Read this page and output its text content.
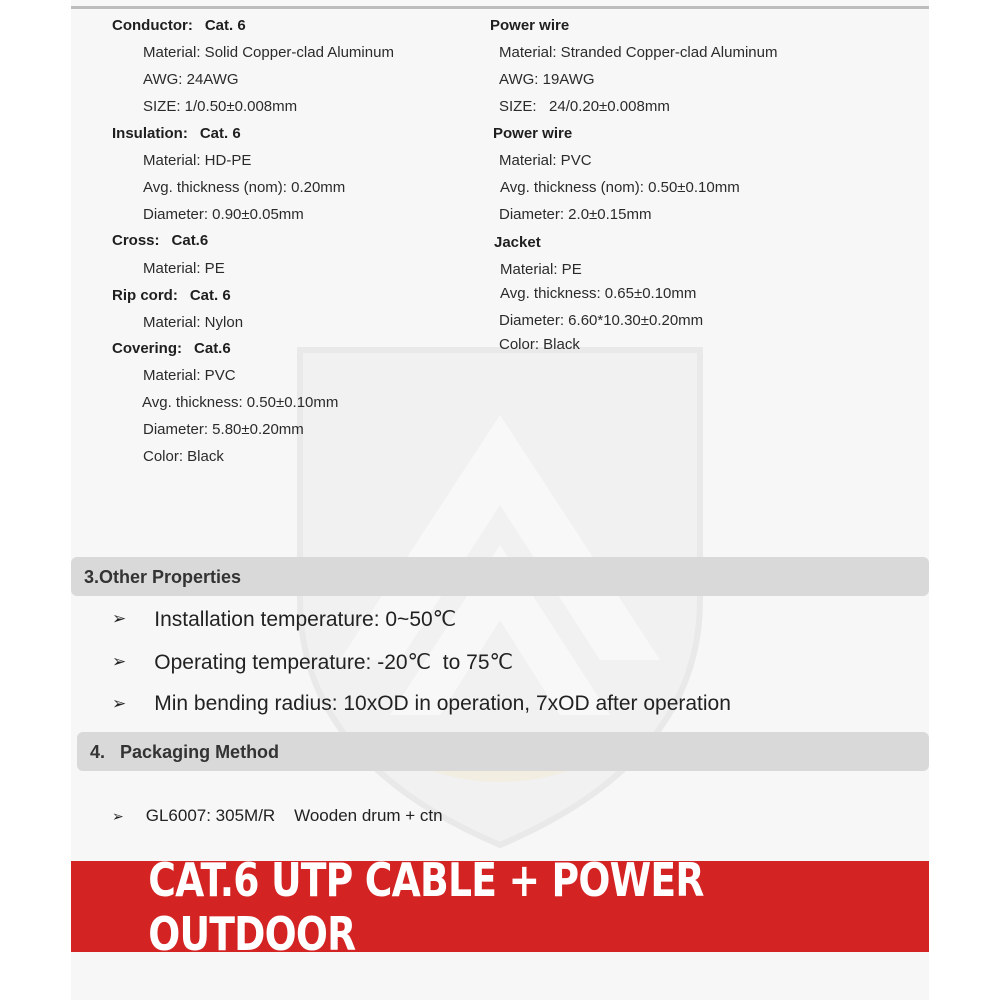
Conductor: Cat. 6
Material: Solid Copper-clad Aluminum
AWG: 24AWG
SIZE: 1/0.50±0.008mm
Insulation: Cat. 6
Material: HD-PE
Avg. thickness (nom): 0.20mm
Diameter: 0.90±0.05mm
Cross: Cat.6
Material: PE
Rip cord: Cat. 6
Material: Nylon
Covering: Cat.6
Material: PVC
Avg. thickness: 0.50±0.10mm
Diameter: 5.80±0.20mm
Color: Black
Power wire
Material: Stranded Copper-clad Aluminum
AWG: 19AWG
SIZE:   24/0.20±0.008mm
Power wire
Material: PVC
Avg. thickness (nom): 0.50±0.10mm
Diameter: 2.0±0.15mm
Jacket
Material: PE
Avg. thickness: 0.65±0.10mm
Diameter: 6.60*10.30±0.20mm
Color: Black
3.Other Properties
➢ Installation temperature: 0~50℃
➢ Operating temperature: -20℃  to 75℃
➢ Min bending radius: 10xOD in operation, 7xOD after operation
4. Packaging Method
➢ GL6007: 305M/R    Wooden drum + ctn
CAT.6 UTP CABLE + POWER OUTDOOR
